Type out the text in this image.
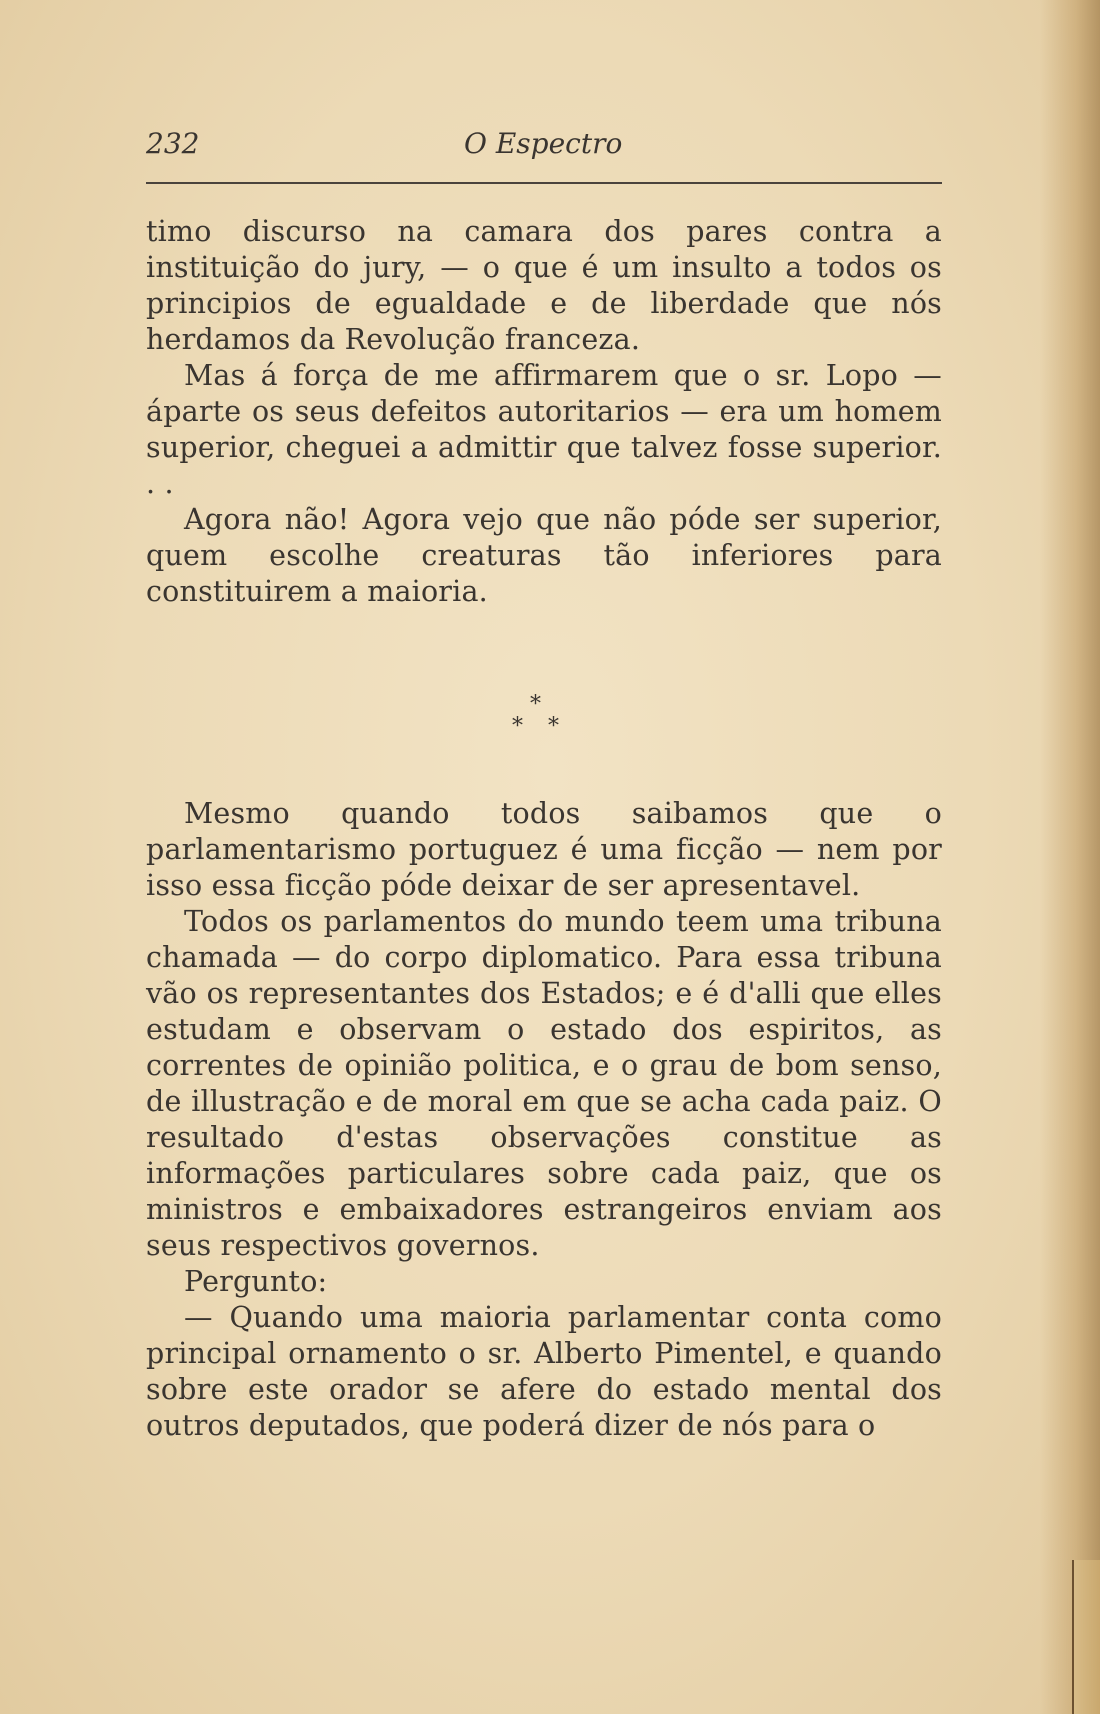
232	O Espectro

timo discurso na camara dos pares contra a instituição do jury, — o que é um insulto a todos os principios de egualdade e de liberdade que nós herdamos da Revolução franceza.

Mas á força de me affirmarem que o sr. Lopo — áparte os seus defeitos autoritarios — era um homem superior, cheguei a admittir que talvez fosse superior. . .

Agora não! Agora vejo que não póde ser superior, quem escolhe creaturas tão inferiores para constituirem a maioria.

*
* *

Mesmo quando todos saibamos que o parlamentarismo portuguez é uma ficção — nem por isso essa ficção póde deixar de ser apresentavel.

Todos os parlamentos do mundo teem uma tribuna chamada — do corpo diplomatico. Para essa tribuna vão os representantes dos Estados; e é d'alli que elles estudam e observam o estado dos espiritos, as correntes de opinião politica, e o grau de bom senso, de illustração e de moral em que se acha cada paiz. O resultado d'estas observações constitue as informações particulares sobre cada paiz, que os ministros e embaixadores estrangeiros enviam aos seus respectivos governos.

Pergunto:

— Quando uma maioria parlamentar conta como principal ornamento o sr. Alberto Pimentel, e quando sobre este orador se afere do estado mental dos outros deputados, que poderá dizer de nós para o
